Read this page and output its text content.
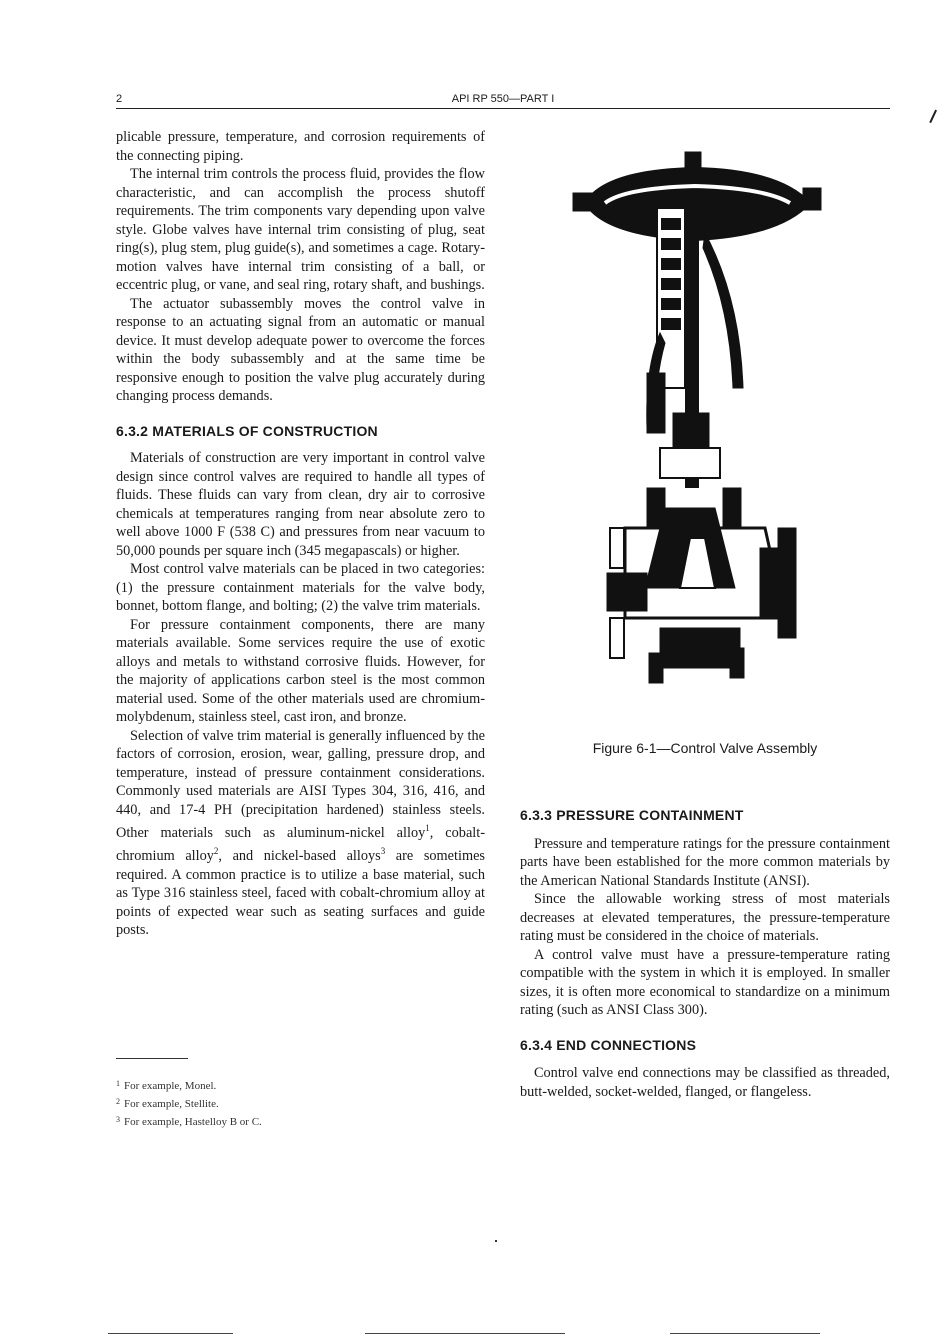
2	API RP 550—PART I

plicable pressure, temperature, and corrosion requirements of the connecting piping.

The internal trim controls the process fluid, provides the flow characteristic, and can accomplish the process shutoff requirements. The trim components vary depending upon valve style. Globe valves have internal trim consisting of plug, seat ring(s), plug stem, plug guide(s), and sometimes a cage. Rotary-motion valves have internal trim consisting of a ball, or eccentric plug, or vane, and seal ring, rotary shaft, and bushings.

The actuator subassembly moves the control valve in response to an actuating signal from an automatic or manual device. It must develop adequate power to overcome the forces within the body subassembly and at the same time be responsive enough to position the valve plug accurately during changing process demands.

6.3.2 MATERIALS OF CONSTRUCTION

Materials of construction are very important in control valve design since control valves are required to handle all types of fluids. These fluids can vary from clean, dry air to corrosive chemicals at temperatures ranging from near absolute zero to well above 1000 F (538 C) and pressures from near vacuum to 50,000 pounds per square inch (345 megapascals) or higher.

Most control valve materials can be placed in two categories: (1) the pressure containment materials for the valve body, bonnet, bottom flange, and bolting; (2) the valve trim materials.

For pressure containment components, there are many materials available. Some services require the use of exotic alloys and metals to withstand corrosive fluids. However, for the majority of applications carbon steel is the most common material used. Some of the other materials used are chromium-molybdenum, stainless steel, cast iron, and bronze.

Selection of valve trim material is generally influenced by the factors of corrosion, erosion, wear, galling, pressure drop, and temperature, instead of pressure containment considerations. Commonly used materials are AISI Types 304, 316, 416, and 440, and 17-4 PH (precipitation hardened) stainless steels. Other materials such as aluminum-nickel alloy$^1$, cobalt-chromium alloy$^2$, and nickel-based alloys$^3$ are sometimes required. A common practice is to utilize a base material, such as Type 316 stainless steel, faced with cobalt-chromium alloy at points of expected wear such as seating surfaces and guide posts.

$^1$ For example, Monel.
$^2$ For example, Stellite.
$^3$ For example, Hastelloy B or C.
Figure 6-1—Control Valve Assembly
6.3.3 PRESSURE CONTAINMENT

Pressure and temperature ratings for the pressure containment parts have been established for the more common materials by the American National Standards Institute (ANSI).

Since the allowable working stress of most materials decreases at elevated temperatures, the pressure-temperature rating must be considered in the choice of materials.

A control valve must have a pressure-temperature rating compatible with the system in which it is employed. In smaller sizes, it is often more economical to standardize on a minimum rating (such as ANSI Class 300).

6.3.4 END CONNECTIONS

Control valve end connections may be classified as threaded, butt-welded, socket-welded, flanged, or flangeless.
